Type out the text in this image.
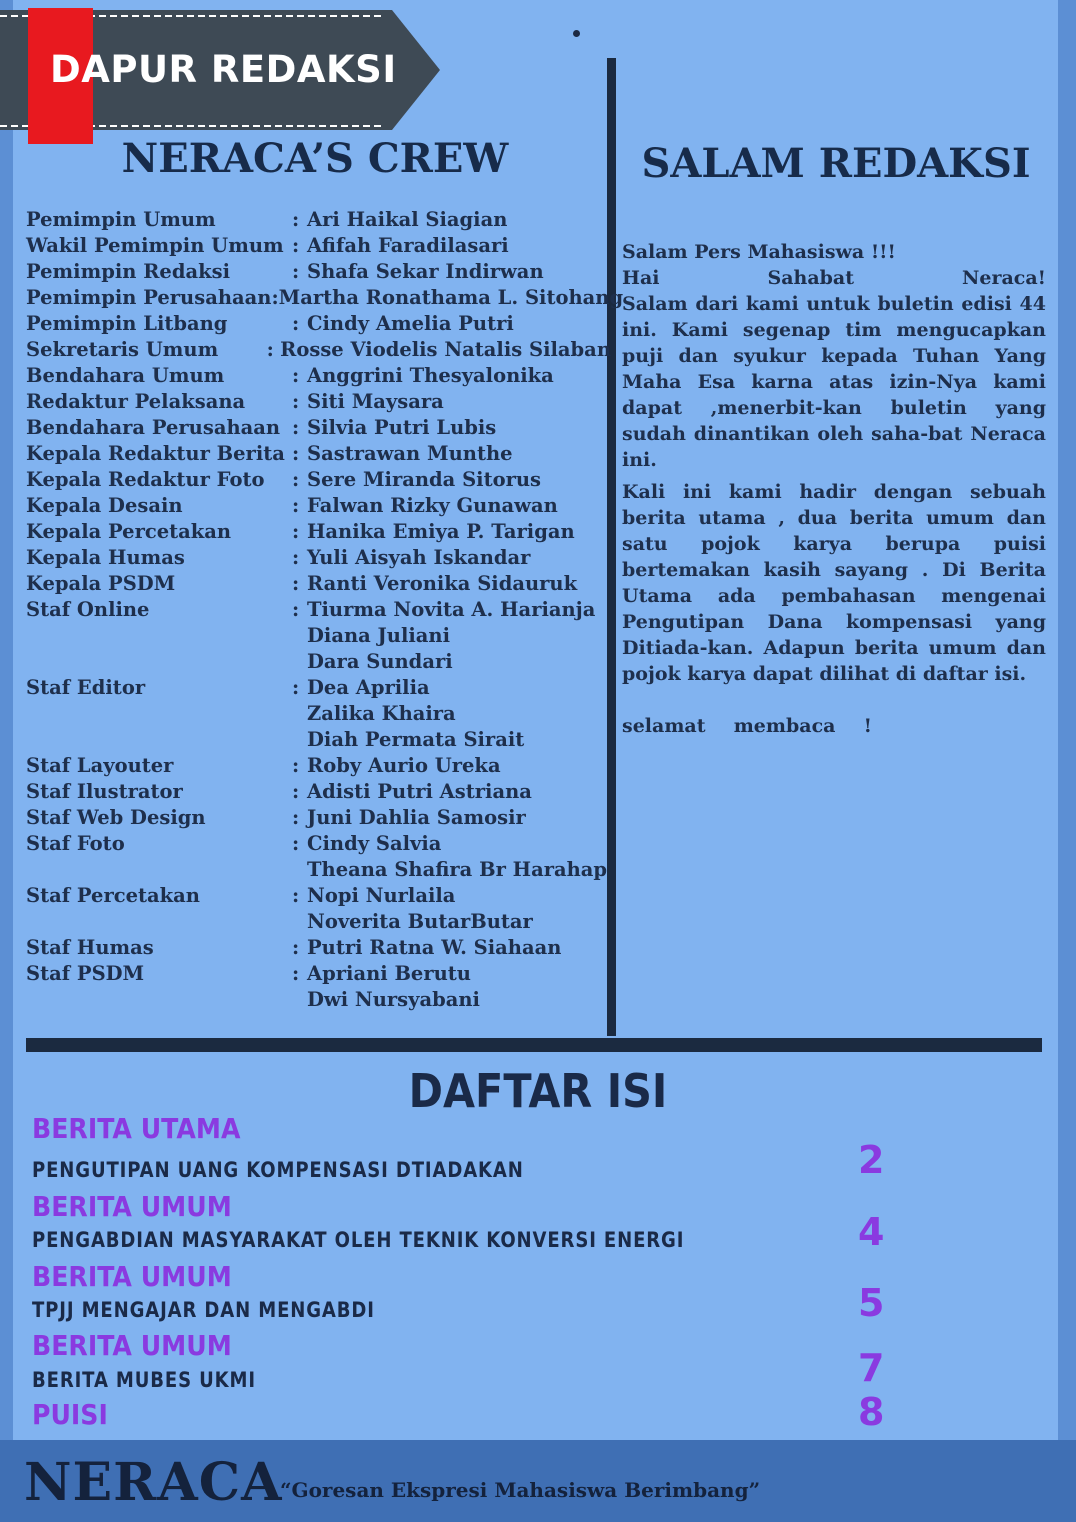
DAPUR REDAKSI
NERACA’S CREW
Pemimpin Umum	: Ari Haikal Siagian
Wakil Pemimpin Umum : Afifah Faradilasari
Pemimpin Redaksi	: Shafa Sekar Indirwan
Pemimpin Perusahaan : Martha Ronathama L. Sitohang
Pemimpin Litbang	: Cindy Amelia Putri
Sekretaris Umum	: Rosse Viodelis Natalis Silaban
Bendahara Umum	: Anggrini Thesyalonika
Redaktur Pelaksana	: Siti Maysara
Bendahara Perusahaan : Silvia Putri Lubis
Kepala Redaktur Berita : Sastrawan Munthe
Kepala Redaktur Foto	: Sere Miranda Sitorus
Kepala Desain	: Falwan Rizky Gunawan
Kepala Percetakan	: Hanika Emiya P. Tarigan
Kepala Humas	: Yuli Aisyah Iskandar
Kepala PSDM	: Ranti Veronika Sidauruk
Staf Online	: Tiurma Novita A. Harianja
Diana Juliani
Dara Sundari
Staf Editor	: Dea Aprilia
Zalika Khaira
Diah Permata Sirait
Staf Layouter	: Roby Aurio Ureka
Staf Ilustrator	: Adisti Putri Astriana
Staf Web Design	: Juni Dahlia Samosir
Staf Foto	: Cindy Salvia
Theana Shafira Br Harahap
Staf Percetakan	: Nopi Nurlaila
Noverita ButarButar
Staf Humas	: Putri Ratna W. Siahaan
Staf PSDM	: Apriani Berutu
Dwi Nursyabani
SALAM REDAKSI

Salam Pers Mahasiswa !!!

Hai Sahabat Neraca!

Salam dari kami untuk buletin edisi 44 ini. Kami segenap tim mengucapkan puji dan syukur kepada Tuhan Yang Maha Esa karna atas izin-Nya kami dapat ,menerbit-kan buletin yang sudah dinantikan oleh saha-bat Neraca ini.

Kali ini kami hadir dengan sebuah berita utama , dua berita umum dan satu pojok karya berupa puisi bertemakan kasih sayang . Di Berita Utama ada pembahasan mengenai Pengutipan Dana kompensasi yang Ditiada-kan. Adapun berita umum dan pojok karya dapat dilihat di daftar isi.

selamat membaca !

DAFTAR ISI
BERITA UTAMA
PENGUTIPAN UANG KOMPENSASI DTIADAKAN	2
BERITA UMUM
PENGABDIAN MASYARAKAT OLEH TEKNIK KONVERSI ENERGI	4
BERITA UMUM
TPJJ MENGAJAR DAN MENGABDI	5
BERITA UMUM
BERITA MUBES UKMI	7
PUISI	8
NERACA
“Goresan Ekspresi Mahasiswa Berimbang”
